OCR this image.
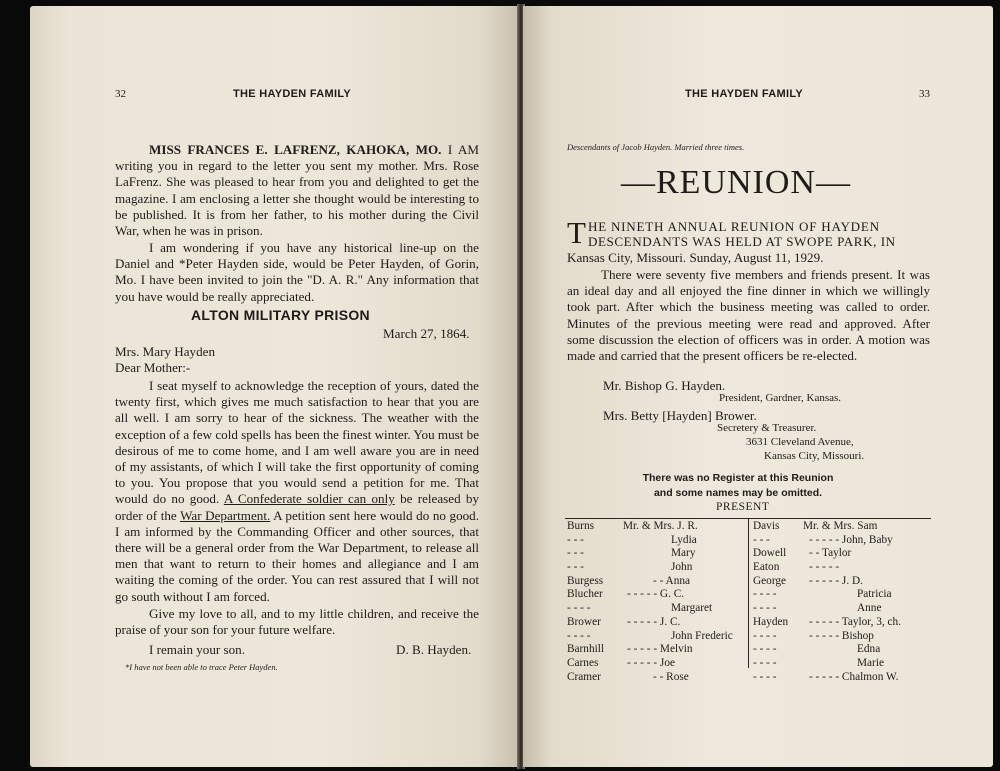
32	THE HAYDEN FAMILY
MISS FRANCES E. LAFRENZ, KAHOKA, MO. I AM writing you in regard to the letter you sent my mother. Mrs. Rose LaFrenz. She was pleased to hear from you and delighted to get the magazine. I am enclosing a letter she thought would be interesting to be published. It is from her father, to his mother during the Civil War, when he was in prison.
I am wondering if you have any historical line-up on the Daniel and *Peter Hayden side, would be Peter Hayden, of Gorin, Mo. I have been invited to join the "D. A. R." Any information that you have would be really appreciated.
ALTON MILITARY PRISON
March 27, 1864.
Mrs. Mary Hayden
Dear Mother:-
I seat myself to acknowledge the reception of yours, dated the twenty first, which gives me much satisfaction to hear that you are all well. I am sorry to hear of the sickness. The weather with the exception of a few cold spells has been the finest winter. You must be desirous of me to come home, and I am well aware you are in need of my assistants, of which I will take the first opportunity of coming to you. You propose that you would send a petition for me. That would do no good. A Confederate soldier can only be released by order of the War Department. A petition sent here would do no good. I am informed by the Commanding Officer and other sources, that there will be a general order from the War Department, to release all men that want to return to their homes and allegiance and I am waiting the coming of the order. You can rest assured that I will not go south without I am forced.
Give my love to all, and to my little children, and receive the praise of your son for your future welfare.
I remain your son.	D. B. Hayden.
*I have not been able to trace Peter Hayden.
THE HAYDEN FAMILY	33
Descendants of Jacob Hayden. Married three times.
—REUNION—
T HE NINETH ANNUAL REUNION OF HAYDEN
DESCENDANTS WAS HELD AT SWOPE PARK, IN
Kansas City, Missouri. Sunday, August 11, 1929.
There were seventy five members and friends present. It was an ideal day and all enjoyed the fine dinner in which we willingly took part. After which the business meeting was called to order. Minutes of the previous meeting were read and approved. After some discussion the election of officers was in order. A motion was made and carried that the present officers be re-elected.
Mr. Bishop G. Hayden.
President, Gardner, Kansas.
Mrs. Betty [Hayden] Brower.
Secretery & Treasurer.
3631 Cleveland Avenue,
Kansas City, Missouri.
There was no Register at this Reunion
and some names may be omitted.
PRESENT
Burns	Mr. & Mrs. J. R.
- - -	Lydia
- - -	Mary
- - -	John
Burgess	- - Anna
Blucher - - - - - G. C.
- - - -	Margaret
Brower - - - - - J. C.
- - - -	John Frederic
Barnhill - - - - - Melvin
Carnes	- - - - - Joe
Cramer	- - Rose
Davis Mr. & Mrs. Sam
- - -	- - - - - John, Baby
Dowell - - Taylor
Eaton	- - - - -
George - - - - - J. D.
- - - -	Patricia
- - - -	Anne
Hayden - - - - - Taylor, 3, ch.
- - - -	- - - - - Bishop
- - - -	Edna
- - - -	Marie
- - - -	- - - - - Chalmon W.
